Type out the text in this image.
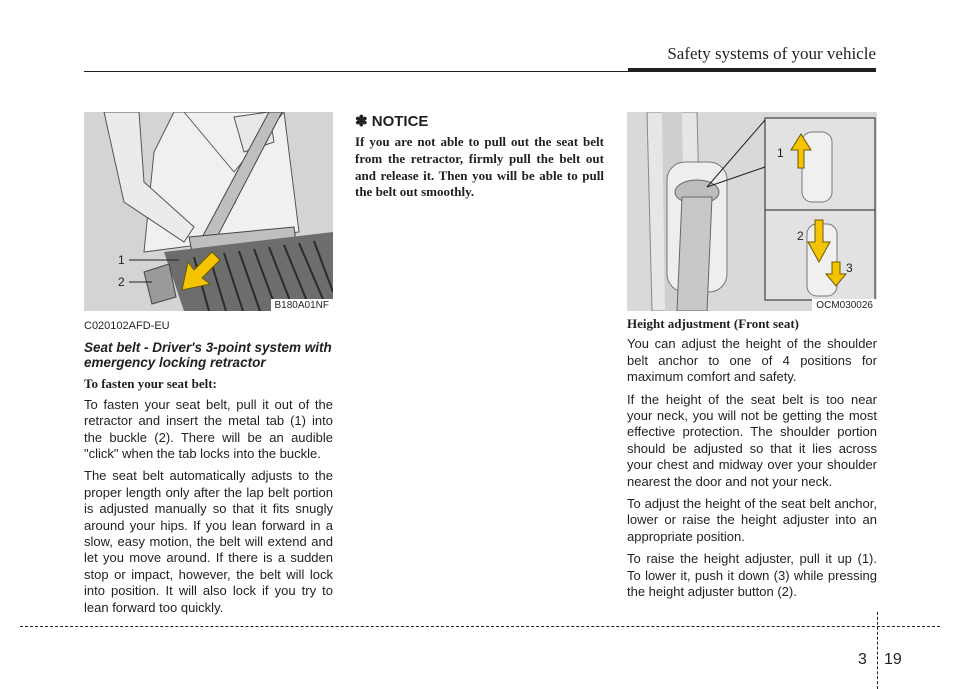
Safety systems of your vehicle
1
2
B180A01NF
1
2
3
OCM030026
C020102AFD-EU
Seat belt - Driver's 3-point system with emergency locking retractor
To fasten your seat belt:

To fasten your seat belt, pull it out of the retractor and insert the metal tab (1) into the buckle (2). There will be an audible "click" when the tab locks into the buckle.

The seat belt automatically adjusts to the proper length only after the lap belt portion is adjusted manually so that it fits snugly around your hips. If you lean forward in a slow, easy motion, the belt will extend and let you move around. If there is a sudden stop or impact, however, the belt will lock into position. It will also lock if you try to lean forward too quickly.

✽ NOTICE
If you are not able to pull out the seat belt from the retractor, firmly pull the belt out and release it. Then you will be able to pull the belt out smoothly.
Height adjustment (Front seat)

You can adjust the height of the shoulder belt anchor to one of 4 positions for maximum comfort and safety.

If the height of the seat belt is too near your neck, you will not be getting the most effective protection. The shoulder portion should be adjusted so that it lies across your chest and midway over your shoulder nearest the door and not your neck.

To adjust the height of the seat belt anchor, lower or raise the height adjuster into an appropriate position.

To raise the height adjuster, pull it up (1). To lower it, push it down (3) while pressing the height adjuster button (2).

3 19
